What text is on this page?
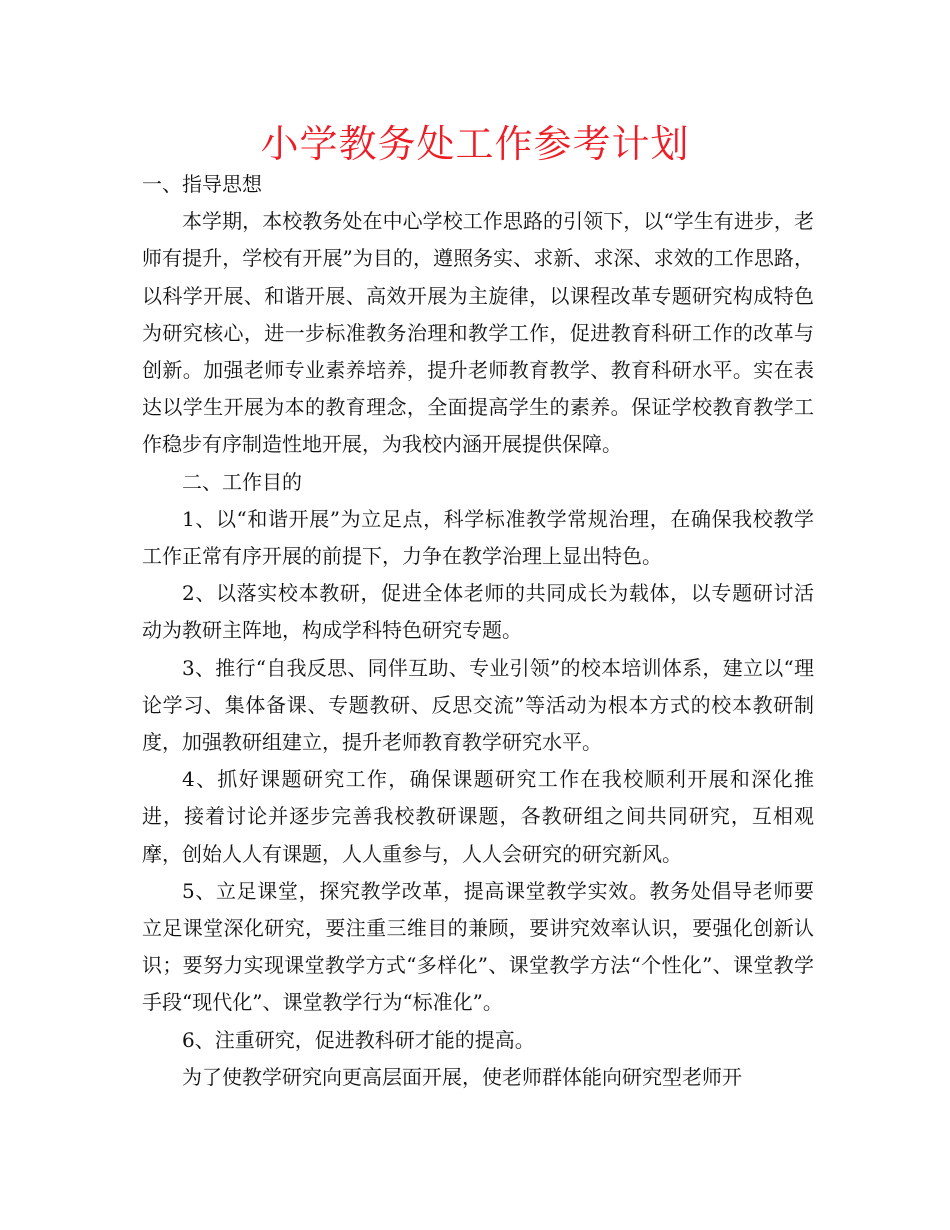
小学教务处工作参考计划

一、指导思想

本学期，本校教务处在中心学校工作思路的引领下，以“学生有进步，老师有提升，学校有开展”为目的，遵照务实、求新、求深、求效的工作思路，以科学开展、和谐开展、高效开展为主旋律，以课程改革专题研究构成特色为研究核心，进一步标准教务治理和教学工作，促进教育科研工作的改革与创新。加强老师专业素养培养，提升老师教育教学、教育科研水平。实在表达以学生开展为本的教育理念，全面提高学生的素养。保证学校教育教学工作稳步有序制造性地开展，为我校内涵开展提供保障。

二、工作目的

1、以“和谐开展”为立足点，科学标准教学常规治理，在确保我校教学工作正常有序开展的前提下，力争在教学治理上显出特色。

2、以落实校本教研，促进全体老师的共同成长为载体，以专题研讨活动为教研主阵地，构成学科特色研究专题。

3、推行“自我反思、同伴互助、专业引领”的校本培训体系，建立以“理论学习、集体备课、专题教研、反思交流”等活动为根本方式的校本教研制度，加强教研组建立，提升老师教育教学研究水平。

4、抓好课题研究工作，确保课题研究工作在我校顺利开展和深化推进，接着讨论并逐步完善我校教研课题，各教研组之间共同研究，互相观摩，创始人人有课题，人人重参与，人人会研究的研究新风。

5、立足课堂，探究教学改革，提高课堂教学实效。教务处倡导老师要立足课堂深化研究，要注重三维目的兼顾，要讲究效率认识，要强化创新认识；要努力实现课堂教学方式“多样化”、课堂教学方法“个性化”、课堂教学手段“现代化”、课堂教学行为“标准化”。

6、注重研究，促进教科研才能的提高。

为了使教学研究向更高层面开展，使老师群体能向研究型老师开
